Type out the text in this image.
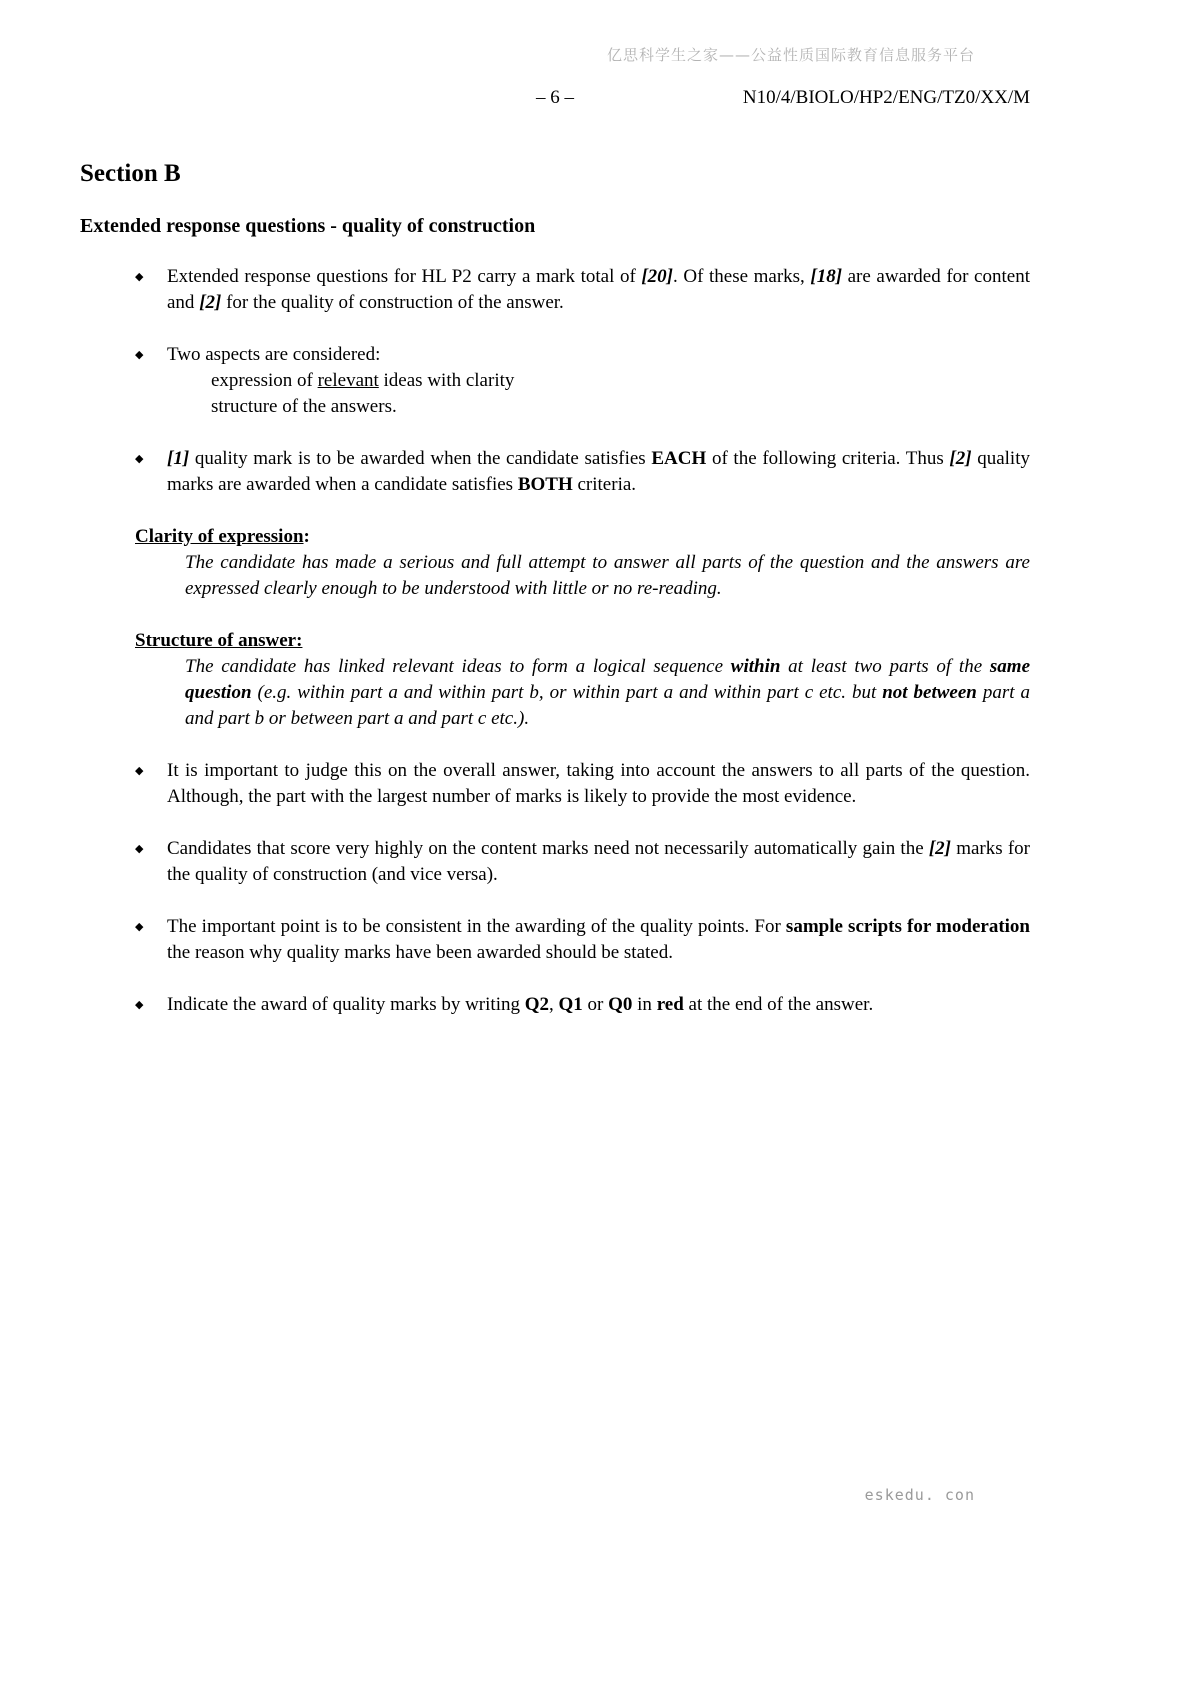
亿思科学生之家——公益性质国际教育信息服务平台
– 6 –	N10/4/BIOLO/HP2/ENG/TZ0/XX/M
Section B
Extended response questions - quality of construction
◆	Extended response questions for HL P2 carry a mark total of [20]. Of these marks, [18] are awarded for content and [2] for the quality of construction of the answer.
◆	Two aspects are considered:
expression of relevant ideas with clarity
structure of the answers.
◆	[1] quality mark is to be awarded when the candidate satisfies EACH of the following criteria. Thus [2] quality marks are awarded when a candidate satisfies BOTH criteria.
Clarity of expression:
The candidate has made a serious and full attempt to answer all parts of the question and the answers are expressed clearly enough to be understood with little or no re-reading.
Structure of answer:
The candidate has linked relevant ideas to form a logical sequence within at least two parts of the same question (e.g. within part a and within part b, or within part a and within part c etc. but not between part a and part b or between part a and part c etc.).
◆	It is important to judge this on the overall answer, taking into account the answers to all parts of the question. Although, the part with the largest number of marks is likely to provide the most evidence.
◆	Candidates that score very highly on the content marks need not necessarily automatically gain the [2] marks for the quality of construction (and vice versa).
◆	The important point is to be consistent in the awarding of the quality points. For sample scripts for moderation the reason why quality marks have been awarded should be stated.
◆	Indicate the award of quality marks by writing Q2, Q1 or Q0 in red at the end of the answer.
eskedu. con
